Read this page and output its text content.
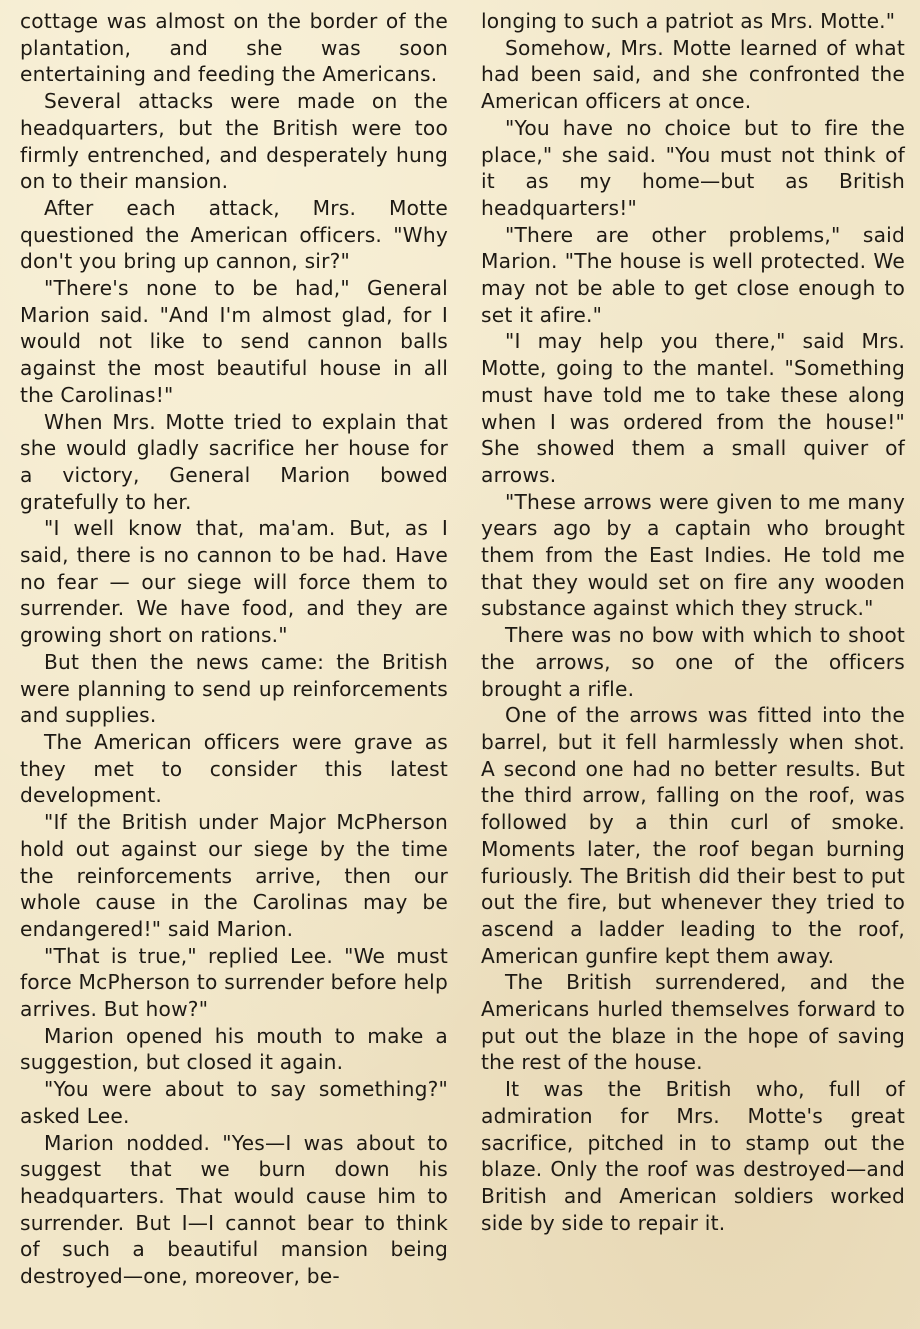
cottage was almost on the border of the plantation, and she was soon entertaining and feeding the Americans.

Several attacks were made on the headquarters, but the British were too firmly entrenched, and desperately hung on to their mansion.

After each attack, Mrs. Motte questioned the American officers. "Why don't you bring up cannon, sir?"

"There's none to be had," General Marion said. "And I'm almost glad, for I would not like to send cannon balls against the most beautiful house in all the Carolinas!"

When Mrs. Motte tried to explain that she would gladly sacrifice her house for a victory, General Marion bowed gratefully to her.

"I well know that, ma'am. But, as I said, there is no cannon to be had. Have no fear — our siege will force them to surrender. We have food, and they are growing short on rations."

But then the news came: the British were planning to send up reinforcements and supplies.

The American officers were grave as they met to consider this latest development.

"If the British under Major McPherson hold out against our siege by the time the reinforcements arrive, then our whole cause in the Carolinas may be endangered!" said Marion.

"That is true," replied Lee. "We must force McPherson to surrender before help arrives. But how?"

Marion opened his mouth to make a suggestion, but closed it again.

"You were about to say something?" asked Lee.

Marion nodded. "Yes—I was about to suggest that we burn down his headquarters. That would cause him to surrender. But I—I cannot bear to think of such a beautiful mansion being destroyed—one, moreover, be-

longing to such a patriot as Mrs. Motte."

Somehow, Mrs. Motte learned of what had been said, and she confronted the American officers at once.

"You have no choice but to fire the place," she said. "You must not think of it as my home—but as British headquarters!"

"There are other problems," said Marion. "The house is well protected. We may not be able to get close enough to set it afire."

"I may help you there," said Mrs. Motte, going to the mantel. "Something must have told me to take these along when I was ordered from the house!" She showed them a small quiver of arrows.

"These arrows were given to me many years ago by a captain who brought them from the East Indies. He told me that they would set on fire any wooden substance against which they struck."

There was no bow with which to shoot the arrows, so one of the officers brought a rifle.

One of the arrows was fitted into the barrel, but it fell harmlessly when shot. A second one had no better results. But the third arrow, falling on the roof, was followed by a thin curl of smoke. Moments later, the roof began burning furiously. The British did their best to put out the fire, but whenever they tried to ascend a ladder leading to the roof, American gunfire kept them away.

The British surrendered, and the Americans hurled themselves forward to put out the blaze in the hope of saving the rest of the house.

It was the British who, full of admiration for Mrs. Motte's great sacrifice, pitched in to stamp out the blaze. Only the roof was destroyed—and British and American soldiers worked side by side to repair it.
